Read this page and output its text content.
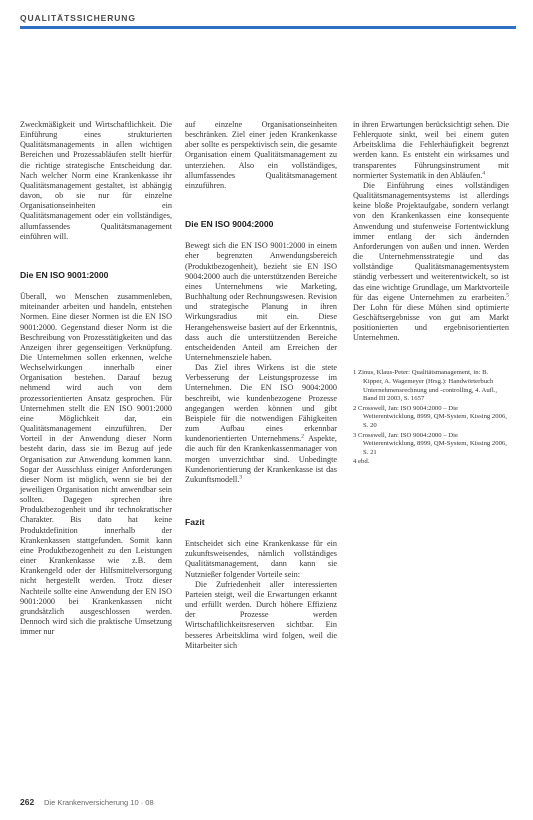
QUALITÄTSSICHERUNG

Zweckmäßigkeit und Wirtschaftlichkeit. Die Einführung eines strukturierten Qualitätsmanagements in allen wichtigen Bereichen und Prozessabläufen stellt hierfür die richtige strategische Entscheidung dar. Nach welcher Norm eine Krankenkasse ihr Qualitätsmanagement gestaltet, ist abhängig davon, ob sie nur für einzelne Organisationseinheiten ein Qualitätsmanagement oder ein vollständiges, allumfassendes Qualitätsmanagement einführen will.

Die EN ISO 9001:2000

Überall, wo Menschen zusammenleben, miteinander arbeiten und handeln, entstehen Normen. Eine dieser Normen ist die EN ISO 9001:2000. Gegenstand dieser Norm ist die Beschreibung von Prozesstätigkeiten und das Anzeigen ihrer gegenseitigen Verknüpfung. Die Unternehmen sollen erkennen, welche Wechselwirkungen innerhalb einer Organisation bestehen. Darauf bezug nehmend wird auch von dem prozessorientierten Ansatz gesprochen. Für Unternehmen stellt die EN ISO 9001:2000 eine Möglichkeit dar, ein Qualitätsmanagement einzuführen. Der Vorteil in der Anwendung dieser Norm besteht darin, dass sie im Bezug auf jede Organisation zur Anwendung kommen kann. Sogar der Ausschluss einiger Anforderungen dieser Norm ist möglich, wenn sie bei der jeweiligen Organisation nicht anwendbar sein sollten. Dagegen sprechen ihre Produktbezogenheit und ihr technokratischer Charakter. Bis dato hat keine Produktdefinition innerhalb der Krankenkassen stattgefunden. Somit kann eine Produktbezogenheit zu den Leistungen einer Krankenkasse wie z.B. dem Krankengeld oder der Hilfsmittelversorgung nicht hergestellt werden. Trotz dieser Nachteile sollte eine Anwendung der EN ISO 9001:2000 bei Krankenkassen nicht grundsätzlich ausgeschlossen werden. Dennoch wird sich die praktische Umsetzung immer nur

auf einzelne Organisationseinheiten beschränken. Ziel einer jeden Krankenkasse aber sollte es perspektivisch sein, die gesamte Organisation einem Qualitätsmanagement zu unterziehen. Also ein vollständiges, allumfassendes Qualitätsmanagement einzuführen.

Die EN ISO 9004:2000

Bewegt sich die EN ISO 9001:2000 in einem eher begrenzten Anwendungsbereich (Produktbezogenheit), bezieht sie EN ISO 9004:2000 auch die unterstützenden Bereiche eines Unternehmens wie Marketing, Buchhaltung oder Rechnungswesen. Revision und strategische Planung in ihren Wirkungsradius mit ein. Diese Herangehensweise basiert auf der Erkenntnis, dass auch die unterstützenden Bereiche entscheidenden Anteil am Erreichen der Unternehmensziele haben.

Das Ziel ihres Wirkens ist die stete Verbesserung der Leistungsprozesse im Unternehmen. Die EN ISO 9004:2000 beschreibt, wie kundenbezogene Prozesse angegangen werden können und gibt Beispiele für die notwendigen Fähigkeiten zum Aufbau eines erkennbar kundenorientierten Unternehmens.$^2$ Aspekte, die auch für den Krankenkassenmanager von morgen unverzichtbar sind. Unbedingte Kundenorientierung der Krankenkasse ist das Zukunftsmodell.$^3$

Fazit

Entscheidet sich eine Krankenkasse für ein zukunftsweisendes, nämlich vollständiges Qualitätsmanagement, dann kann sie Nutznießer folgender Vorteile sein:

Die Zufriedenheit aller interessierten Parteien steigt, weil die Erwartungen erkannt und erfüllt werden. Durch höhere Effizienz der Prozesse werden Wirtschaftlichkeitsreserven sichtbar. Ein besseres Arbeitsklima wird folgen, weil die Mitarbeiter sich

in ihren Erwartungen berücksichtigt sehen. Die Fehlerquote sinkt, weil bei einem guten Arbeitsklima die Fehlerhäufigkeit begrenzt werden kann. Es entsteht ein wirksames und transparentes Führungsinstrument mit normierter Systematik in den Abläufen.$^4$

Die Einführung eines vollständigen Qualitätsmanagementsystems ist allerdings keine bloße Projektaufgabe, sondern verlangt von den Krankenkassen eine konsequente Anwendung und stufenweise Fortentwicklung immer entlang der sich ändernden Anforderungen von außen und innen. Werden die Unternehmensstrategie und das vollständige Qualitätsmanagementsystem ständig verbessert und weiterentwickelt, so ist das eine wichtige Grundlage, um Marktvorteile für das eigene Unternehmen zu erarbeiten.$^5$ Der Lohn für diese Mühen sind optimierte Geschäftsergebnisse von gut am Markt positionierten und ergebnisorientierten Unternehmen.

1 Zinus, Klaus-Peter: Qualitätsmanagement, in: B. Kipper, A. Wagemeyer (Hrsg.): Handwörterbuch Unternehmensrechnung und -controlling, 4. Aufl., Band III 2003, S. 1657
2 Crosswell, Jan: ISO 9004:2000 – Die Weiterentwicklung, 8999, QM-System, Kissing 2006, S. 20
3 Crosswell, Jan: ISO 9004:2000 – Die Weiterentwicklung, 8999, QM-System, Kissing 2006, S. 21
4 ebd.
262 Die Krankenversicherung 10 · 08
